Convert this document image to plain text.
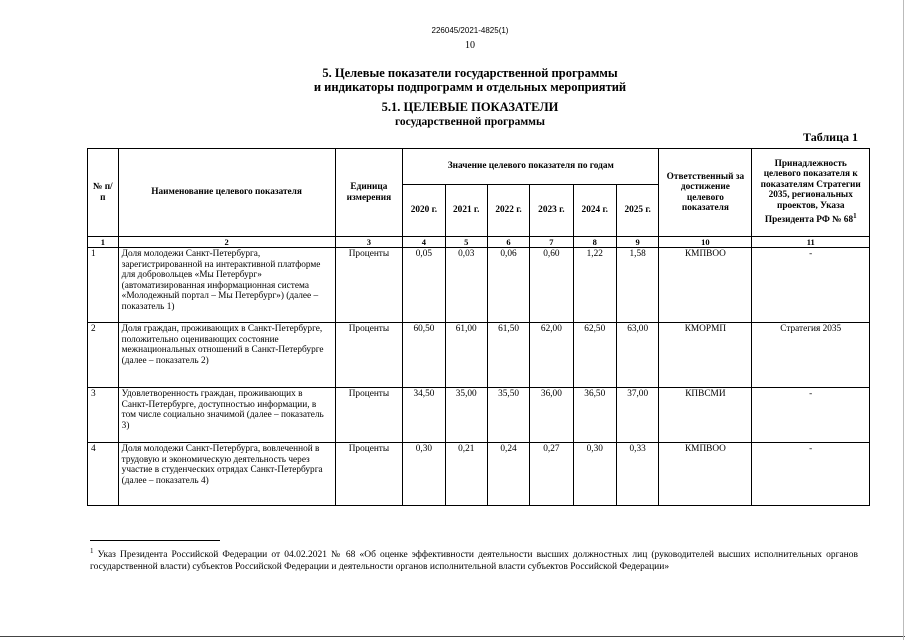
226045/2021-4825(1)
10
5. Целевые показатели государственной программы
и индикаторы подпрограмм и отдельных мероприятий
5.1. ЦЕЛЕВЫЕ ПОКАЗАТЕЛИ
государственной программы
Таблица 1
№ п/п	Наименование целевого показателя	Единица измерения	Значение целевого показателя по годам						Ответственный за достижение целевого показателя	Принадлежность целевого показателя к показателям Стратегии 2035, региональных проектов, Указа Президента РФ № $68^1$
			2020 г.	2021 г.	2022 г.	2023 г.	2024 г.	2025 г.		
1	2	3	4	5	6	7	8	9	10	11
1	Доля молодежи Санкт-Петербурга, зарегистрированной на интерактивной платформе для добровольцев «Мы Петербург» (автоматизированная информационная система «Молодежный портал – Мы Петербург») (далее – показатель 1)	Проценты	0,05	0,03	0,06	0,60	1,22	1,58	КМПВОО	-
2	Доля граждан, проживающих в Санкт-Петербурге, положительно оценивающих состояние межнациональных отношений в Санкт-Петербурге (далее – показатель 2)	Проценты	60,50	61,00	61,50	62,00	62,50	63,00	КМОРМП	Стратегия 2035
3	Удовлетворенность граждан, проживающих в Санкт-Петербурге, доступностью информации, в том числе социально значимой (далее – показатель 3)	Проценты	34,50	35,00	35,50	36,00	36,50	37,00	КПВСМИ	-
4	Доля молодежи Санкт-Петербурга, вовлеченной в трудовую и экономическую деятельность через участие в студенческих отрядах Санкт-Петербурга (далее – показатель 4)	Проценты	0,30	0,21	0,24	0,27	0,30	0,33	КМПВОО	-
$^1$ Указ Президента Российской Федерации от 04.02.2021 № 68 «Об оценке эффективности деятельности высших должностных лиц (руководителей высших исполнительных органов государственной власти) субъектов Российской Федерации и деятельности органов исполнительной власти субъектов Российской Федерации»
